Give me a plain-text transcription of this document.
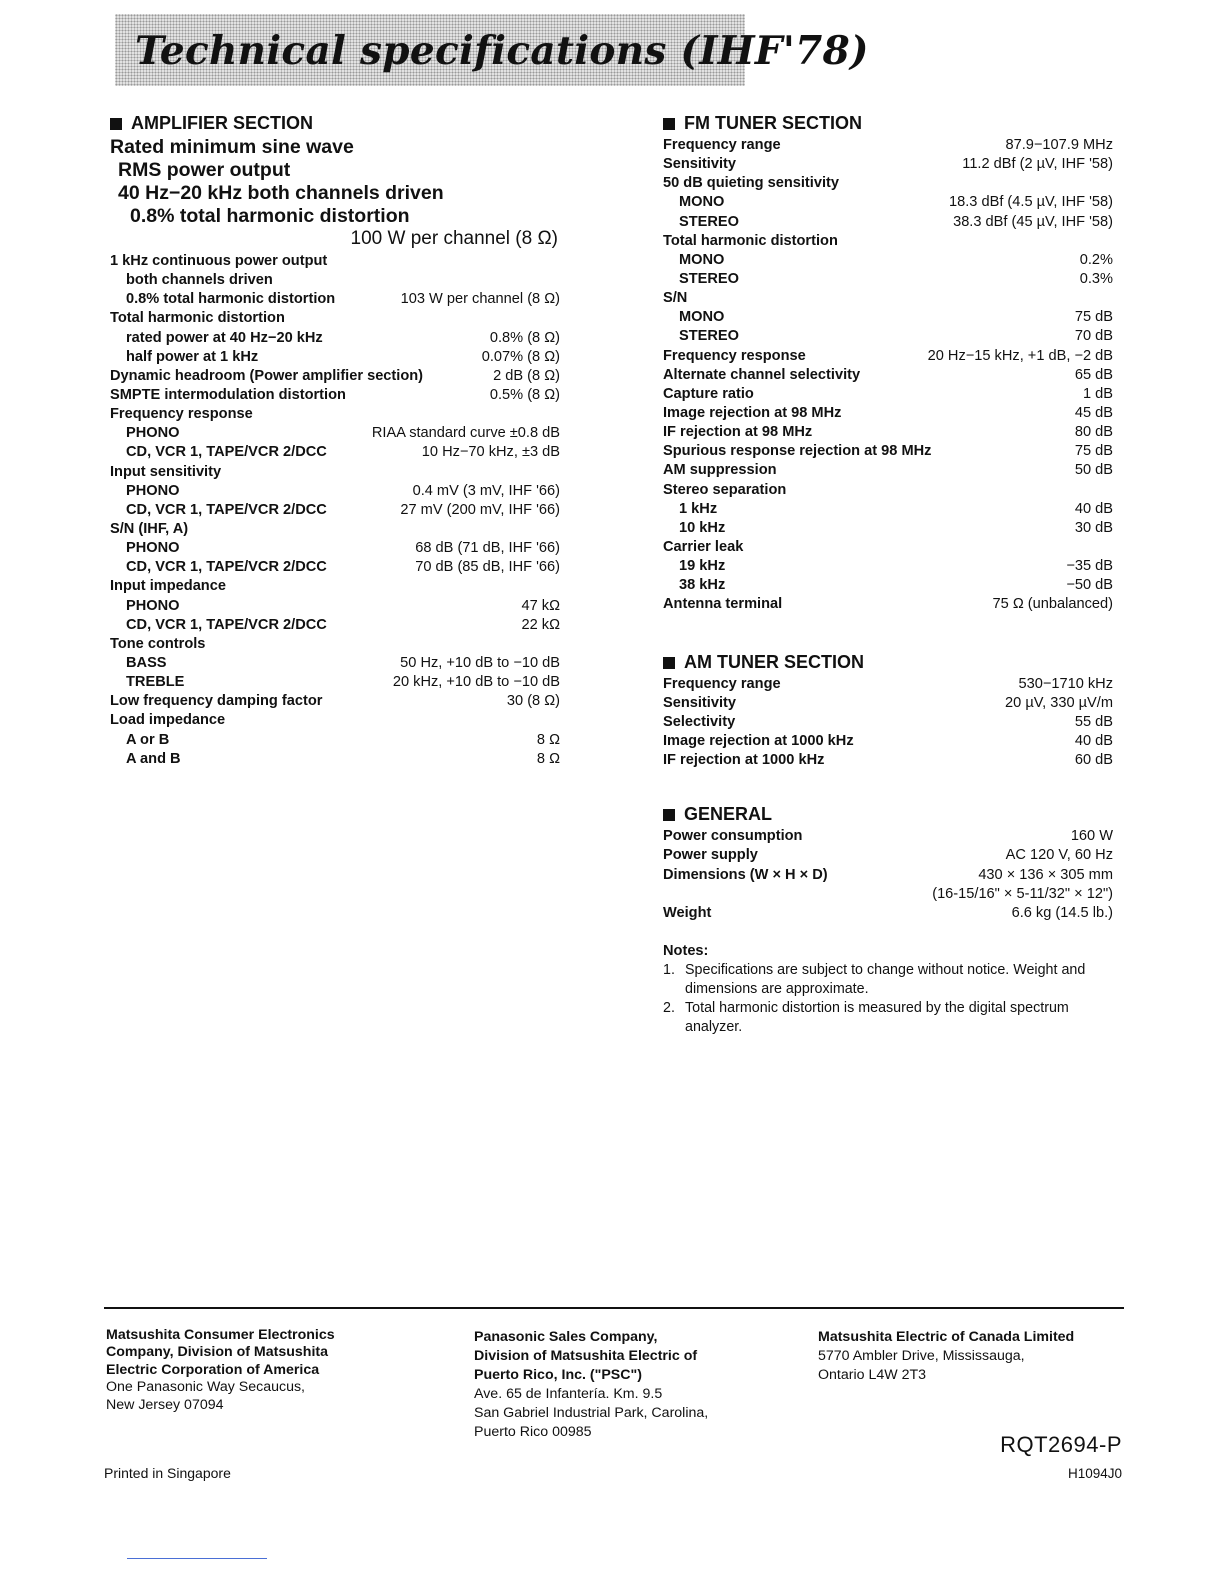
Technical specifications (IHF'78)
AMPLIFIER SECTION
Rated minimum sine wave
RMS power output
40 Hz−20 kHz both channels driven
0.8% total harmonic distortion
100 W per channel (8 Ω)
1 kHz continuous power output
both channels driven
0.8% total harmonic distortion	103 W per channel (8 Ω)
Total harmonic distortion
rated power at 40 Hz−20 kHz	0.8% (8 Ω)
half power at 1 kHz	0.07% (8 Ω)
Dynamic headroom (Power amplifier section)	2 dB (8 Ω)
SMPTE intermodulation distortion	0.5% (8 Ω)
Frequency response
PHONO	RIAA standard curve ±0.8 dB
CD, VCR 1, TAPE/VCR 2/DCC	10 Hz−70 kHz, ±3 dB
Input sensitivity
PHONO	0.4 mV (3 mV, IHF '66)
CD, VCR 1, TAPE/VCR 2/DCC	27 mV (200 mV, IHF '66)
S/N (IHF, A)
PHONO	68 dB (71 dB, IHF '66)
CD, VCR 1, TAPE/VCR 2/DCC	70 dB (85 dB, IHF '66)
Input impedance
PHONO	47 kΩ
CD, VCR 1, TAPE/VCR 2/DCC	22 kΩ
Tone controls
BASS	50 Hz, +10 dB to −10 dB
TREBLE	20 kHz, +10 dB to −10 dB
Low frequency damping factor	30 (8 Ω)
Load impedance
A or B	8 Ω
A and B	8 Ω
FM TUNER SECTION
Frequency range	87.9−107.9 MHz
Sensitivity	11.2 dBf (2 µV, IHF '58)
50 dB quieting sensitivity
MONO	18.3 dBf (4.5 µV, IHF '58)
STEREO	38.3 dBf (45 µV, IHF '58)
Total harmonic distortion
MONO	0.2%
STEREO	0.3%
S/N
MONO	75 dB
STEREO	70 dB
Frequency response	20 Hz−15 kHz, +1 dB, −2 dB
Alternate channel selectivity	65 dB
Capture ratio	1 dB
Image rejection at 98 MHz	45 dB
IF rejection at 98 MHz	80 dB
Spurious response rejection at 98 MHz	75 dB
AM suppression	50 dB
Stereo separation
1 kHz	40 dB
10 kHz	30 dB
Carrier leak
19 kHz	−35 dB
38 kHz	−50 dB
Antenna terminal	75 Ω (unbalanced)
AM TUNER SECTION
Frequency range	530−1710 kHz
Sensitivity	20 µV, 330 µV/m
Selectivity	55 dB
Image rejection at 1000 kHz	40 dB
IF rejection at 1000 kHz	60 dB
GENERAL
Power consumption	160 W
Power supply	AC 120 V, 60 Hz
Dimensions (W × H × D)	430 × 136 × 305 mm
(16-15/16" × 5-11/32" × 12")
Weight	6.6 kg (14.5 lb.)
Notes:
1. Specifications are subject to change without notice. Weight and dimensions are approximate.
2. Total harmonic distortion is measured by the digital spectrum analyzer.
Matsushita Consumer Electronics
Company, Division of Matsushita
Electric Corporation of America
One Panasonic Way Secaucus,
New Jersey 07094
Panasonic Sales Company,
Division of Matsushita Electric of
Puerto Rico, Inc. ("PSC")
Ave. 65 de Infantería. Km. 9.5
San Gabriel Industrial Park, Carolina,
Puerto Rico 00985
Matsushita Electric of Canada Limited
5770 Ambler Drive, Mississauga,
Ontario L4W 2T3
RQT2694-P
H1094J0
Printed in Singapore
